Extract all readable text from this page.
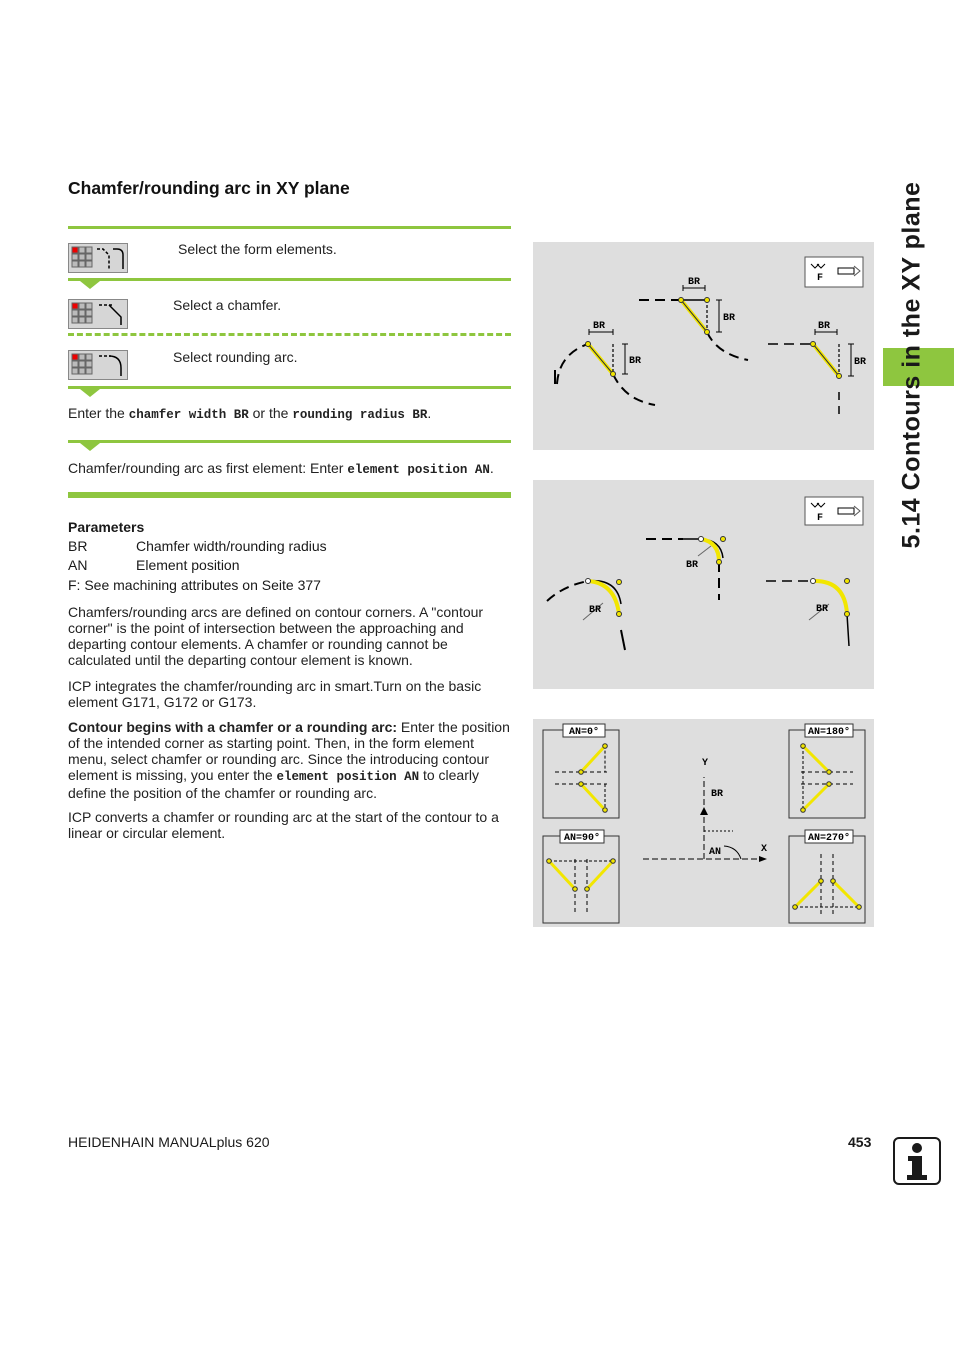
5.14 Contours in the XY plane
Chamfer/rounding arc in XY plane
Select the form elements.
Select a chamfer.
Select rounding arc.
Enter the chamfer width BR or the rounding radius BR.
Chamfer/rounding arc as first element: Enter element position AN.
Parameters
BR	Chamfer width/rounding radius
AN	Element position
F: See machining attributes on Seite 377
Chamfers/rounding arcs are defined on contour corners. A "contour corner" is the point of intersection between the approaching and departing contour elements. A chamfer or rounding cannot be calculated until the departing contour element is known.
ICP integrates the chamfer/rounding arc in smart.Turn on the basic element G171, G172 or G173.
Contour begins with a chamfer or a rounding arc: Enter the position of the intended corner as starting point. Then, in the form element menu, select chamfer or rounding arc. Since the introducing contour element is missing, you enter the element position AN to clearly define the position of the chamfer or rounding arc.
ICP converts a chamfer or rounding arc at the start of the contour to a linear or circular element.
F
BR
BR
BR
BR
BR
BR
F
BR
BR	BR
AN=0°	AN=180°
AN=90°	AN=270°
Y
X
BR
AN
HEIDENHAIN MANUALplus 620	453
